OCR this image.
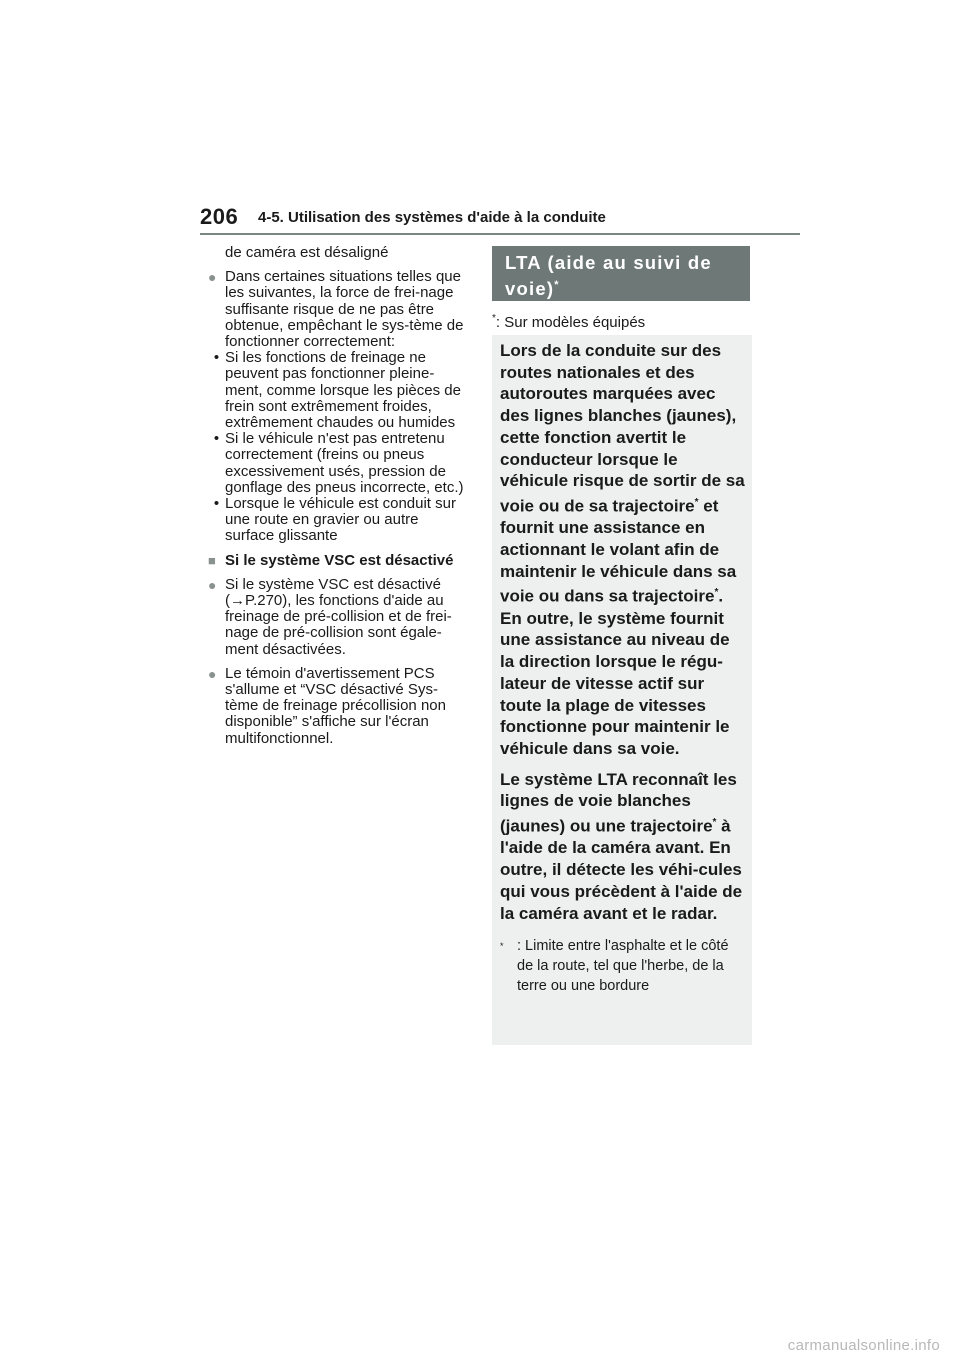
206 4-5. Utilisation des systèmes d'aide à la conduite
de caméra est désaligné
● Dans certaines situations telles que les suivantes, la force de frei-nage suffisante risque de ne pas être obtenue, empêchant le sys-tème de fonctionner correctement:
• Si les fonctions de freinage ne peuvent pas fonctionner pleine-ment, comme lorsque les pièces de frein sont extrêmement froides, extrêmement chaudes ou humides
• Si le véhicule n'est pas entretenu correctement (freins ou pneus excessivement usés, pression de gonflage des pneus incorrecte, etc.)
• Lorsque le véhicule est conduit sur une route en gravier ou autre surface glissante
■ Si le système VSC est désactivé
● Si le système VSC est désactivé (→P.270), les fonctions d'aide au freinage de pré-collision et de frei-nage de pré-collision sont égale-ment désactivées.
● Le témoin d'avertissement PCS s'allume et “VSC désactivé Sys-tème de freinage précollision non disponible” s'affiche sur l'écran multifonctionnel.
LTA (aide au suivi de voie)*
*: Sur modèles équipés

Lors de la conduite sur des routes nationales et des autoroutes marquées avec des lignes blanches (jaunes), cette fonction avertit le conducteur lorsque le véhicule risque de sortir de sa voie ou de sa trajectoire* et fournit une assistance en actionnant le volant afin de maintenir le véhicule dans sa voie ou dans sa trajectoire*. En outre, le système fournit une assistance au niveau de la direction lorsque le régu-lateur de vitesse actif sur toute la plage de vitesses fonctionne pour maintenir le véhicule dans sa voie.

Le système LTA reconnaît les lignes de voie blanches (jaunes) ou une trajectoire* à l'aide de la caméra avant. En outre, il détecte les véhi-cules qui vous précèdent à l'aide de la caméra avant et le radar.

* : Limite entre l'asphalte et le côté de la route, tel que l'herbe, de la terre ou une bordure
carmanualsonline.info
